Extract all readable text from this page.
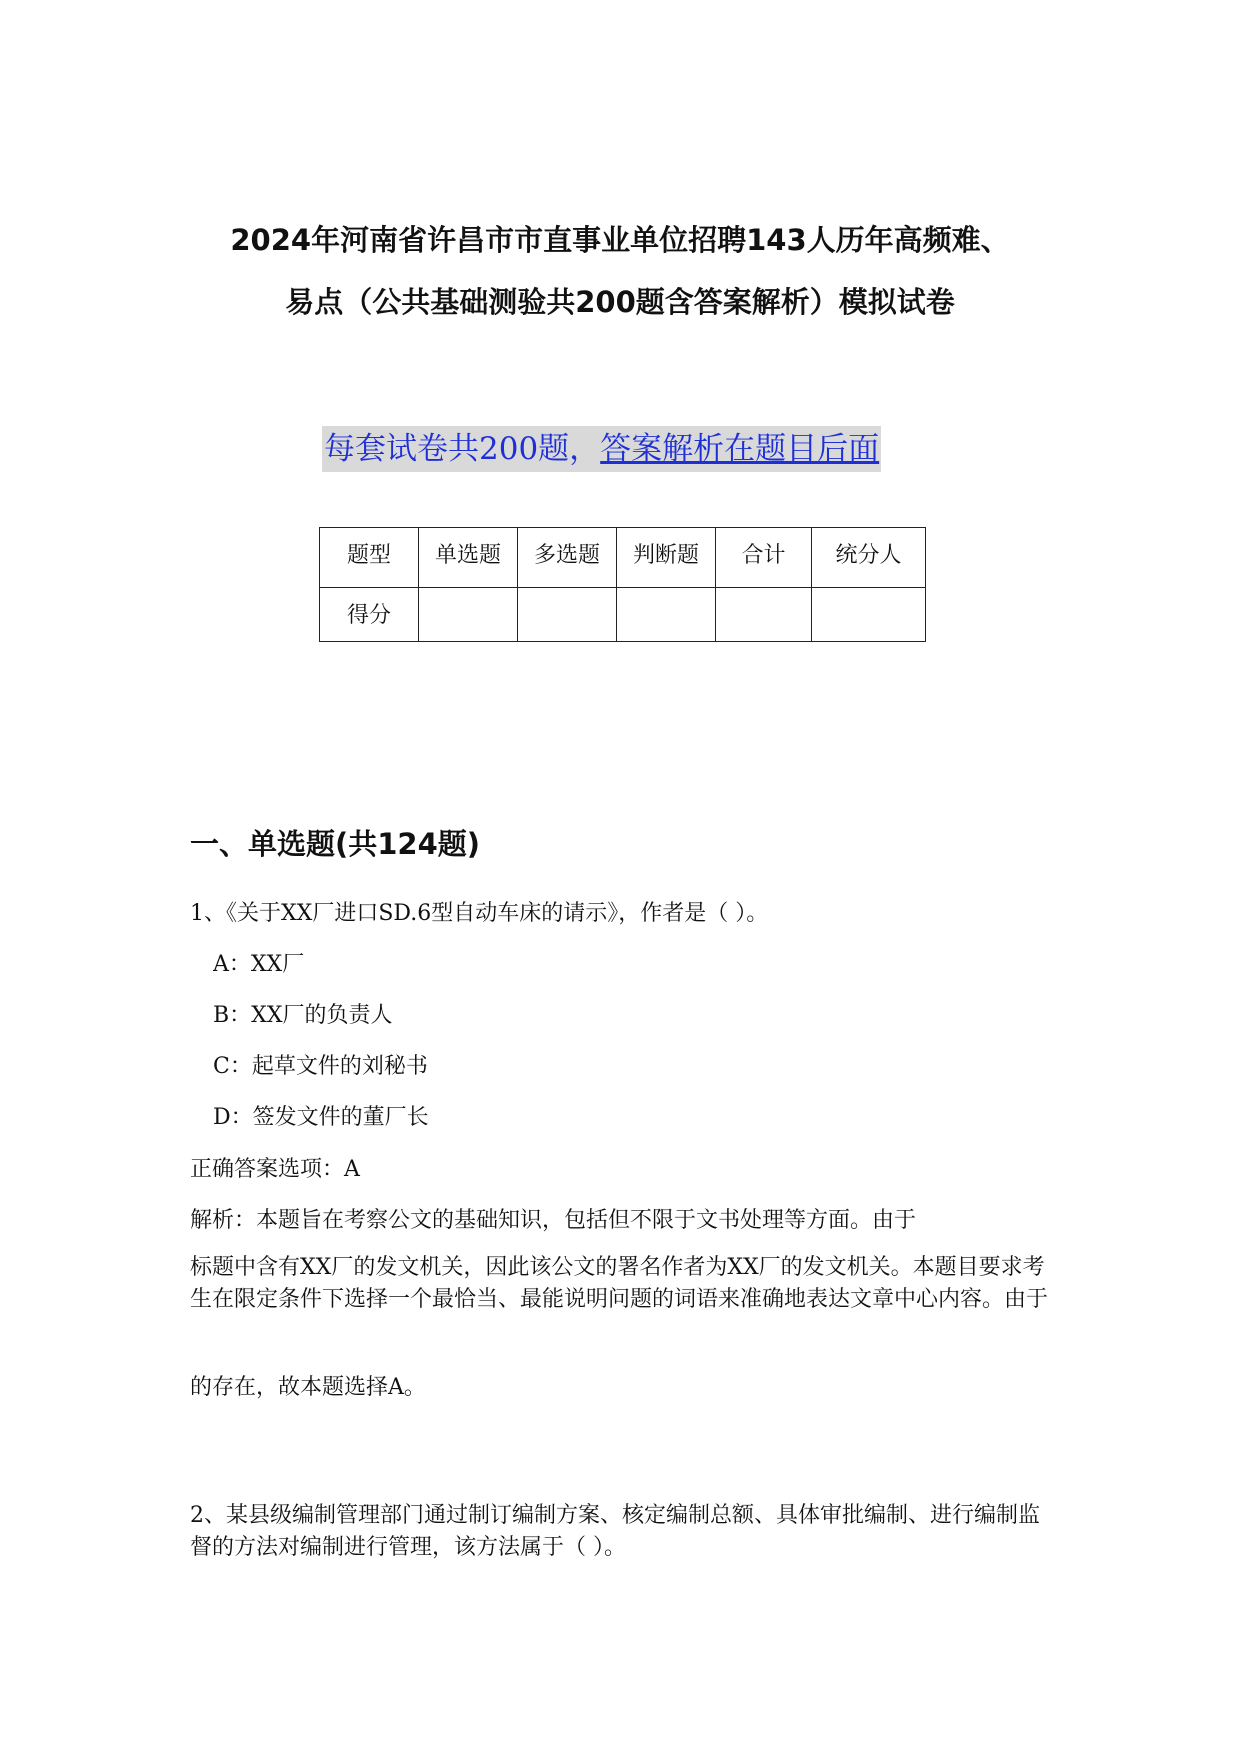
2024年河南省许昌市市直事业单位招聘143人历年高频难、
易点（公共基础测验共200题含答案解析）模拟试卷
每套试卷共200题，答案解析在题目后面
题型	单选题	多选题	判断题	合计	统分人
得分					
一、单选题(共124题)
1、《关于XX厂进口SD.6型自动车床的请示》，作者是（ ）。
A：XX厂
B：XX厂的负责人
C：起草文件的刘秘书
D：签发文件的董厂长
正确答案选项：A
解析：本题旨在考察公文的基础知识，包括但不限于文书处理等方面。由于
标题中含有XX厂的发文机关，因此该公文的署名作者为XX厂的发文机关。本题目要求考生在限定条件下选择一个最恰当、最能说明问题的词语来准确地表达文章中心内容。由于
的存在，故本题选择A。
2、某县级编制管理部门通过制订编制方案、核定编制总额、具体审批编制、进行编制监督的方法对编制进行管理，该方法属于（ ）。
